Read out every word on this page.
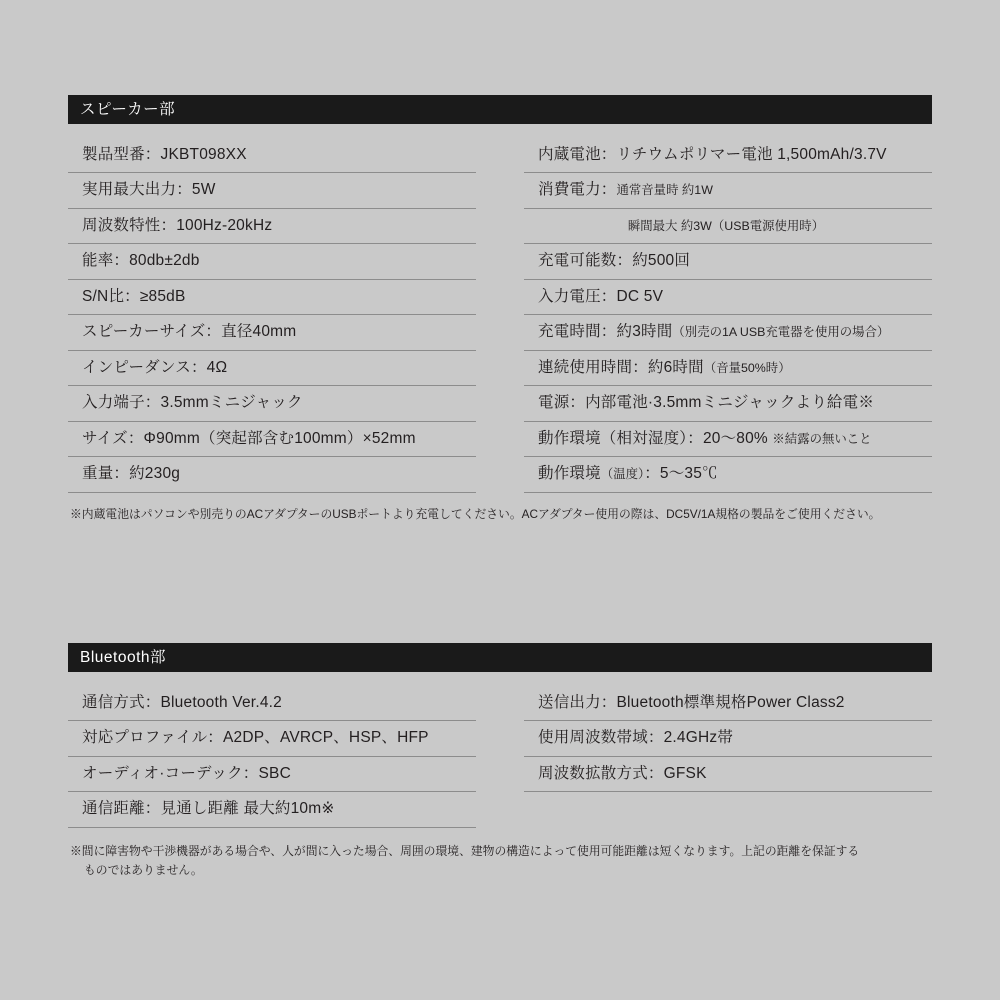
スピーカー部
製品型番：JKBT098XX
実用最大出力：5W
周波数特性：100Hz-20kHz
能率：80db±2db
S/N比：≥85dB
スピーカーサイズ：直径40mm
インピーダンス：4Ω
入力端子：3.5mmミニジャック
サイズ：Φ90mm（突起部含む100mm）×52mm
重量：約230g
内蔵電池：リチウムポリマー電池 1,500mAh/3.7V
消費電力：通常音量時 約1W
瞬間最大 約3W（USB電源使用時）
充電可能数：約500回
入力電圧：DC 5V
充電時間：約3時間（別売の1A USB充電器を使用の場合）
連続使用時間：約6時間（音量50%時）
電源：内部電池·3.5mmミニジャックより給電※
動作環境（相対湿度）：20〜80% ※結露の無いこと
動作環境（温度）：5〜35℃
※内蔵電池はパソコンや別売りのACアダプターのUSBポートより充電してください。ACアダプター使用の際は、DC5V/1A規格の製品をご使用ください。
Bluetooth部
通信方式：Bluetooth Ver.4.2
対応プロファイル：A2DP、AVRCP、HSP、HFP
オーディオ·コーデック：SBC
通信距離：見通し距離 最大約10m※
送信出力：Bluetooth標準規格Power Class2
使用周波数帯域：2.4GHz帯
周波数拡散方式：GFSK

※間に障害物や干渉機器がある場合や、人が間に入った場合、周囲の環境、建物の構造によって使用可能距離は短くなります。上記の距離を保証する
ものではありません。
